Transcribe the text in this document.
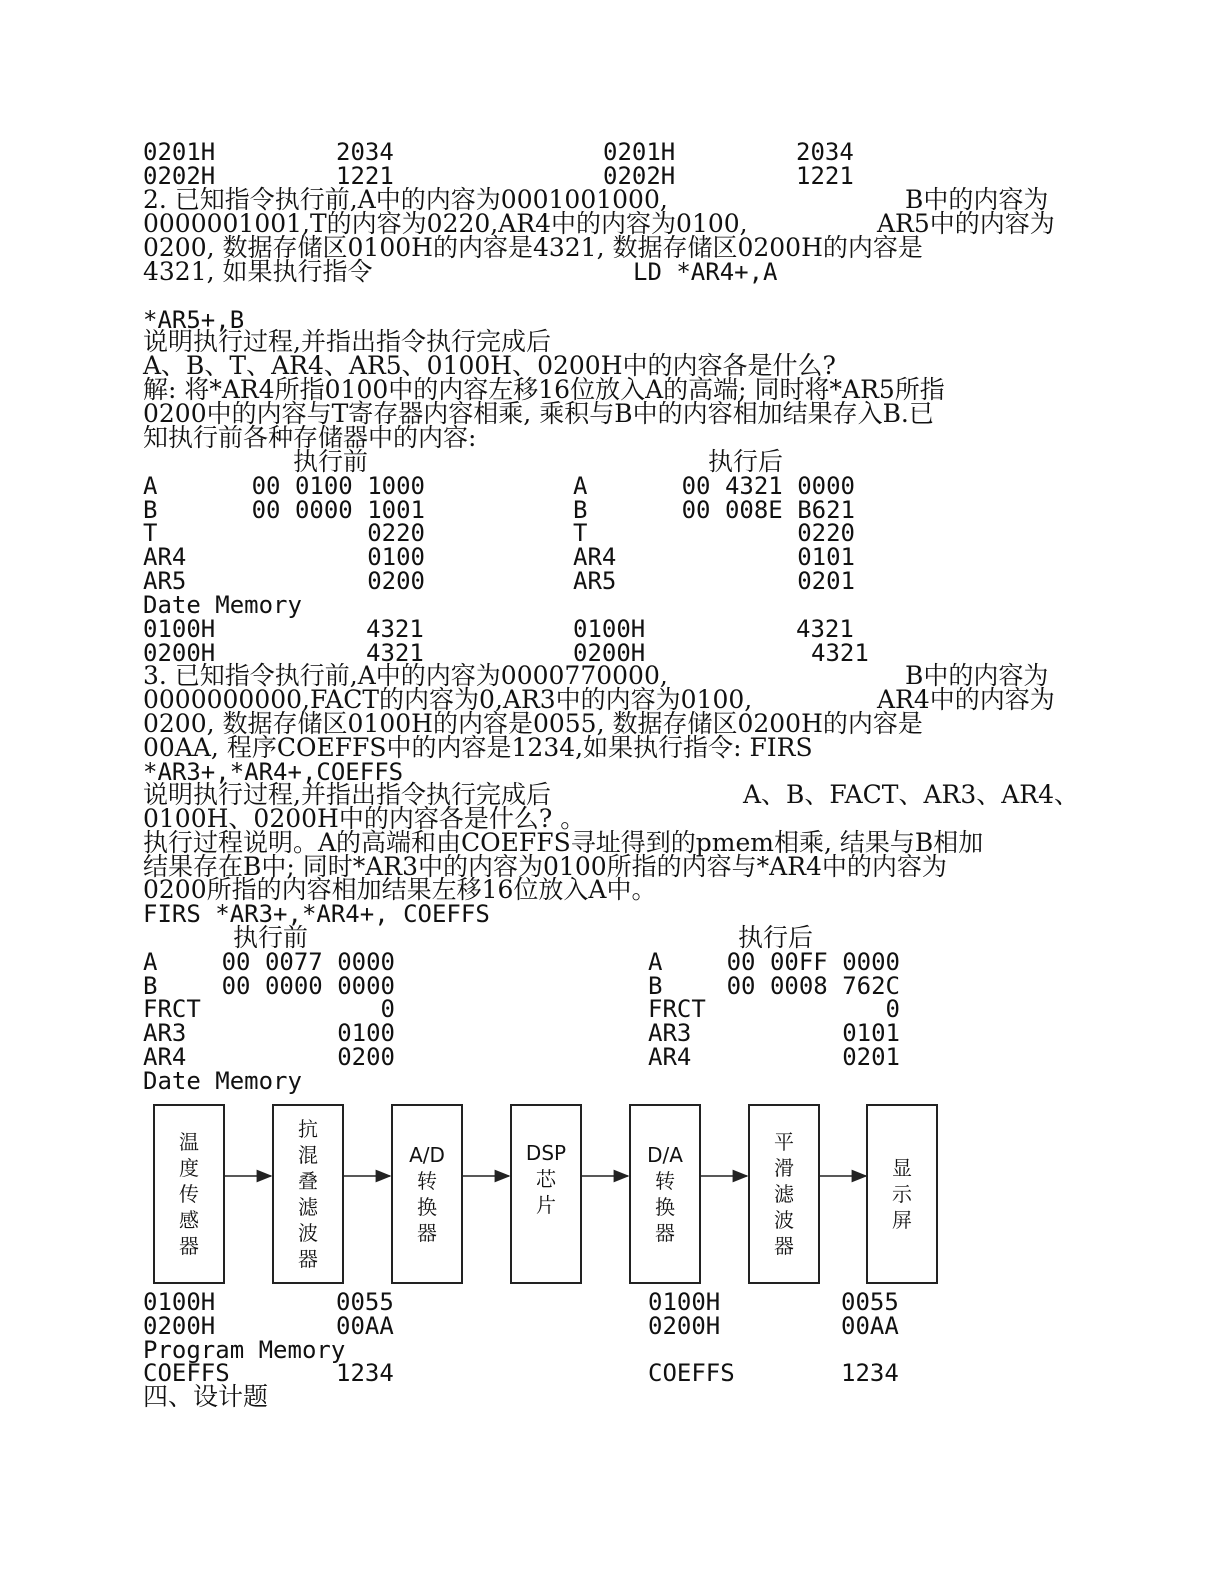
0201H	2034	0201H	2034
0202H	1221	0202H	1221
2. 已知指令执行前,A中的内容为0001001000,	B中的内容为
0000001001,T的内容为0220,AR4中的内容为0100,	AR5中的内容为
0200, 数据存储区0100H的内容是4321, 数据存储区0200H的内容是
4321, 如果执行指令	LD *AR4+,A
*AR5+,B
说明执行过程,并指出指令执行完成后
A、B、T、AR4、AR5、0100H、0200H中的内容各是什么?
解: 将*AR4所指0100中的内容左移16位放入A的高端; 同时将*AR5所指
0200中的内容与T寄存器内容相乘, 乘积与B中的内容相加结果存入B.已
知执行前各种存储器中的内容:
执行前	执行后
A	00 0100 1000	A	00 4321 0000
B	00 0000 1001	B	00 008E B621
T	0220	T	0220
AR4	0100	AR4	0101
AR5	0200	AR5	0201
Date Memory
0100H	4321	0100H	4321
0200H	4321	0200H	4321
3. 已知指令执行前,A中的内容为0000770000,	B中的内容为
0000000000,FACT的内容为0,AR3中的内容为0100,	AR4中的内容为
0200, 数据存储区0100H的内容是0055, 数据存储区0200H的内容是
00AA, 程序COEFFS中的内容是1234,如果执行指令: FIRS
*AR3+,*AR4+,COEFFS
说明执行过程,并指出指令执行完成后	A、B、FACT、AR3、AR4、
0100H、0200H中的内容各是什么? 。
执行过程说明。A的高端和由COEFFS寻址得到的pmem相乘, 结果与B相加
结果存在B中; 同时*AR3中的内容为0100所指的内容与*AR4中的内容为
0200所指的内容相加结果左移16位放入A中。
FIRS *AR3+,*AR4+, COEFFS
执行前	执行后
A	00 0077 0000	A	00 00FF 0000
B	00 0000 0000	B	00 0008 762C
FRCT	0	FRCT	0
AR3	0100	AR3	0101
AR4	0200	AR4	0201
Date Memory
温
度
传
感
器
抗
混
叠
滤
波
器
A/D
转
换
器
DSP
芯
片
D/A
转
换
器
平
滑
滤
波
器
显
示
屏
0100H	0055	0100H	0055
0200H	00AA	0200H	00AA
Program Memory
COEFFS	1234	COEFFS	1234
四、设计题
